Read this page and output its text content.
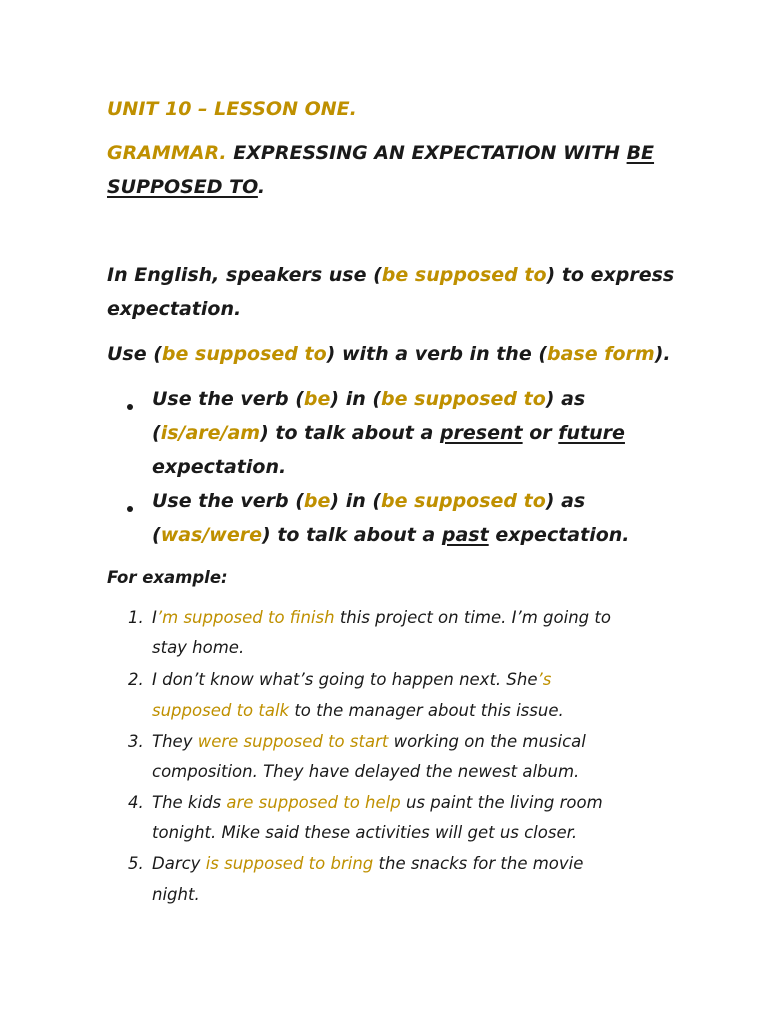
UNIT 10 – LESSON ONE.
GRAMMAR. EXPRESSING AN EXPECTATION WITH BE
SUPPOSED TO.
In English, speakers use (be supposed to) to express
expectation.
Use (be supposed to) with a verb in the (base form).
Use the verb (be) in (be supposed to) as
(is/are/am) to talk about a present or future
expectation.
Use the verb (be) in (be supposed to) as
(was/were) to talk about a past expectation.
For example:
1. I’m supposed to finish this project on time. I’m going to
stay home.
2. I don’t know what’s going to happen next. She’s
supposed to talk to the manager about this issue.
3. They were supposed to start working on the musical
composition. They have delayed the newest album.
4. The kids are supposed to help us paint the living room
tonight. Mike said these activities will get us closer.
5. Darcy is supposed to bring the snacks for the movie
night.
